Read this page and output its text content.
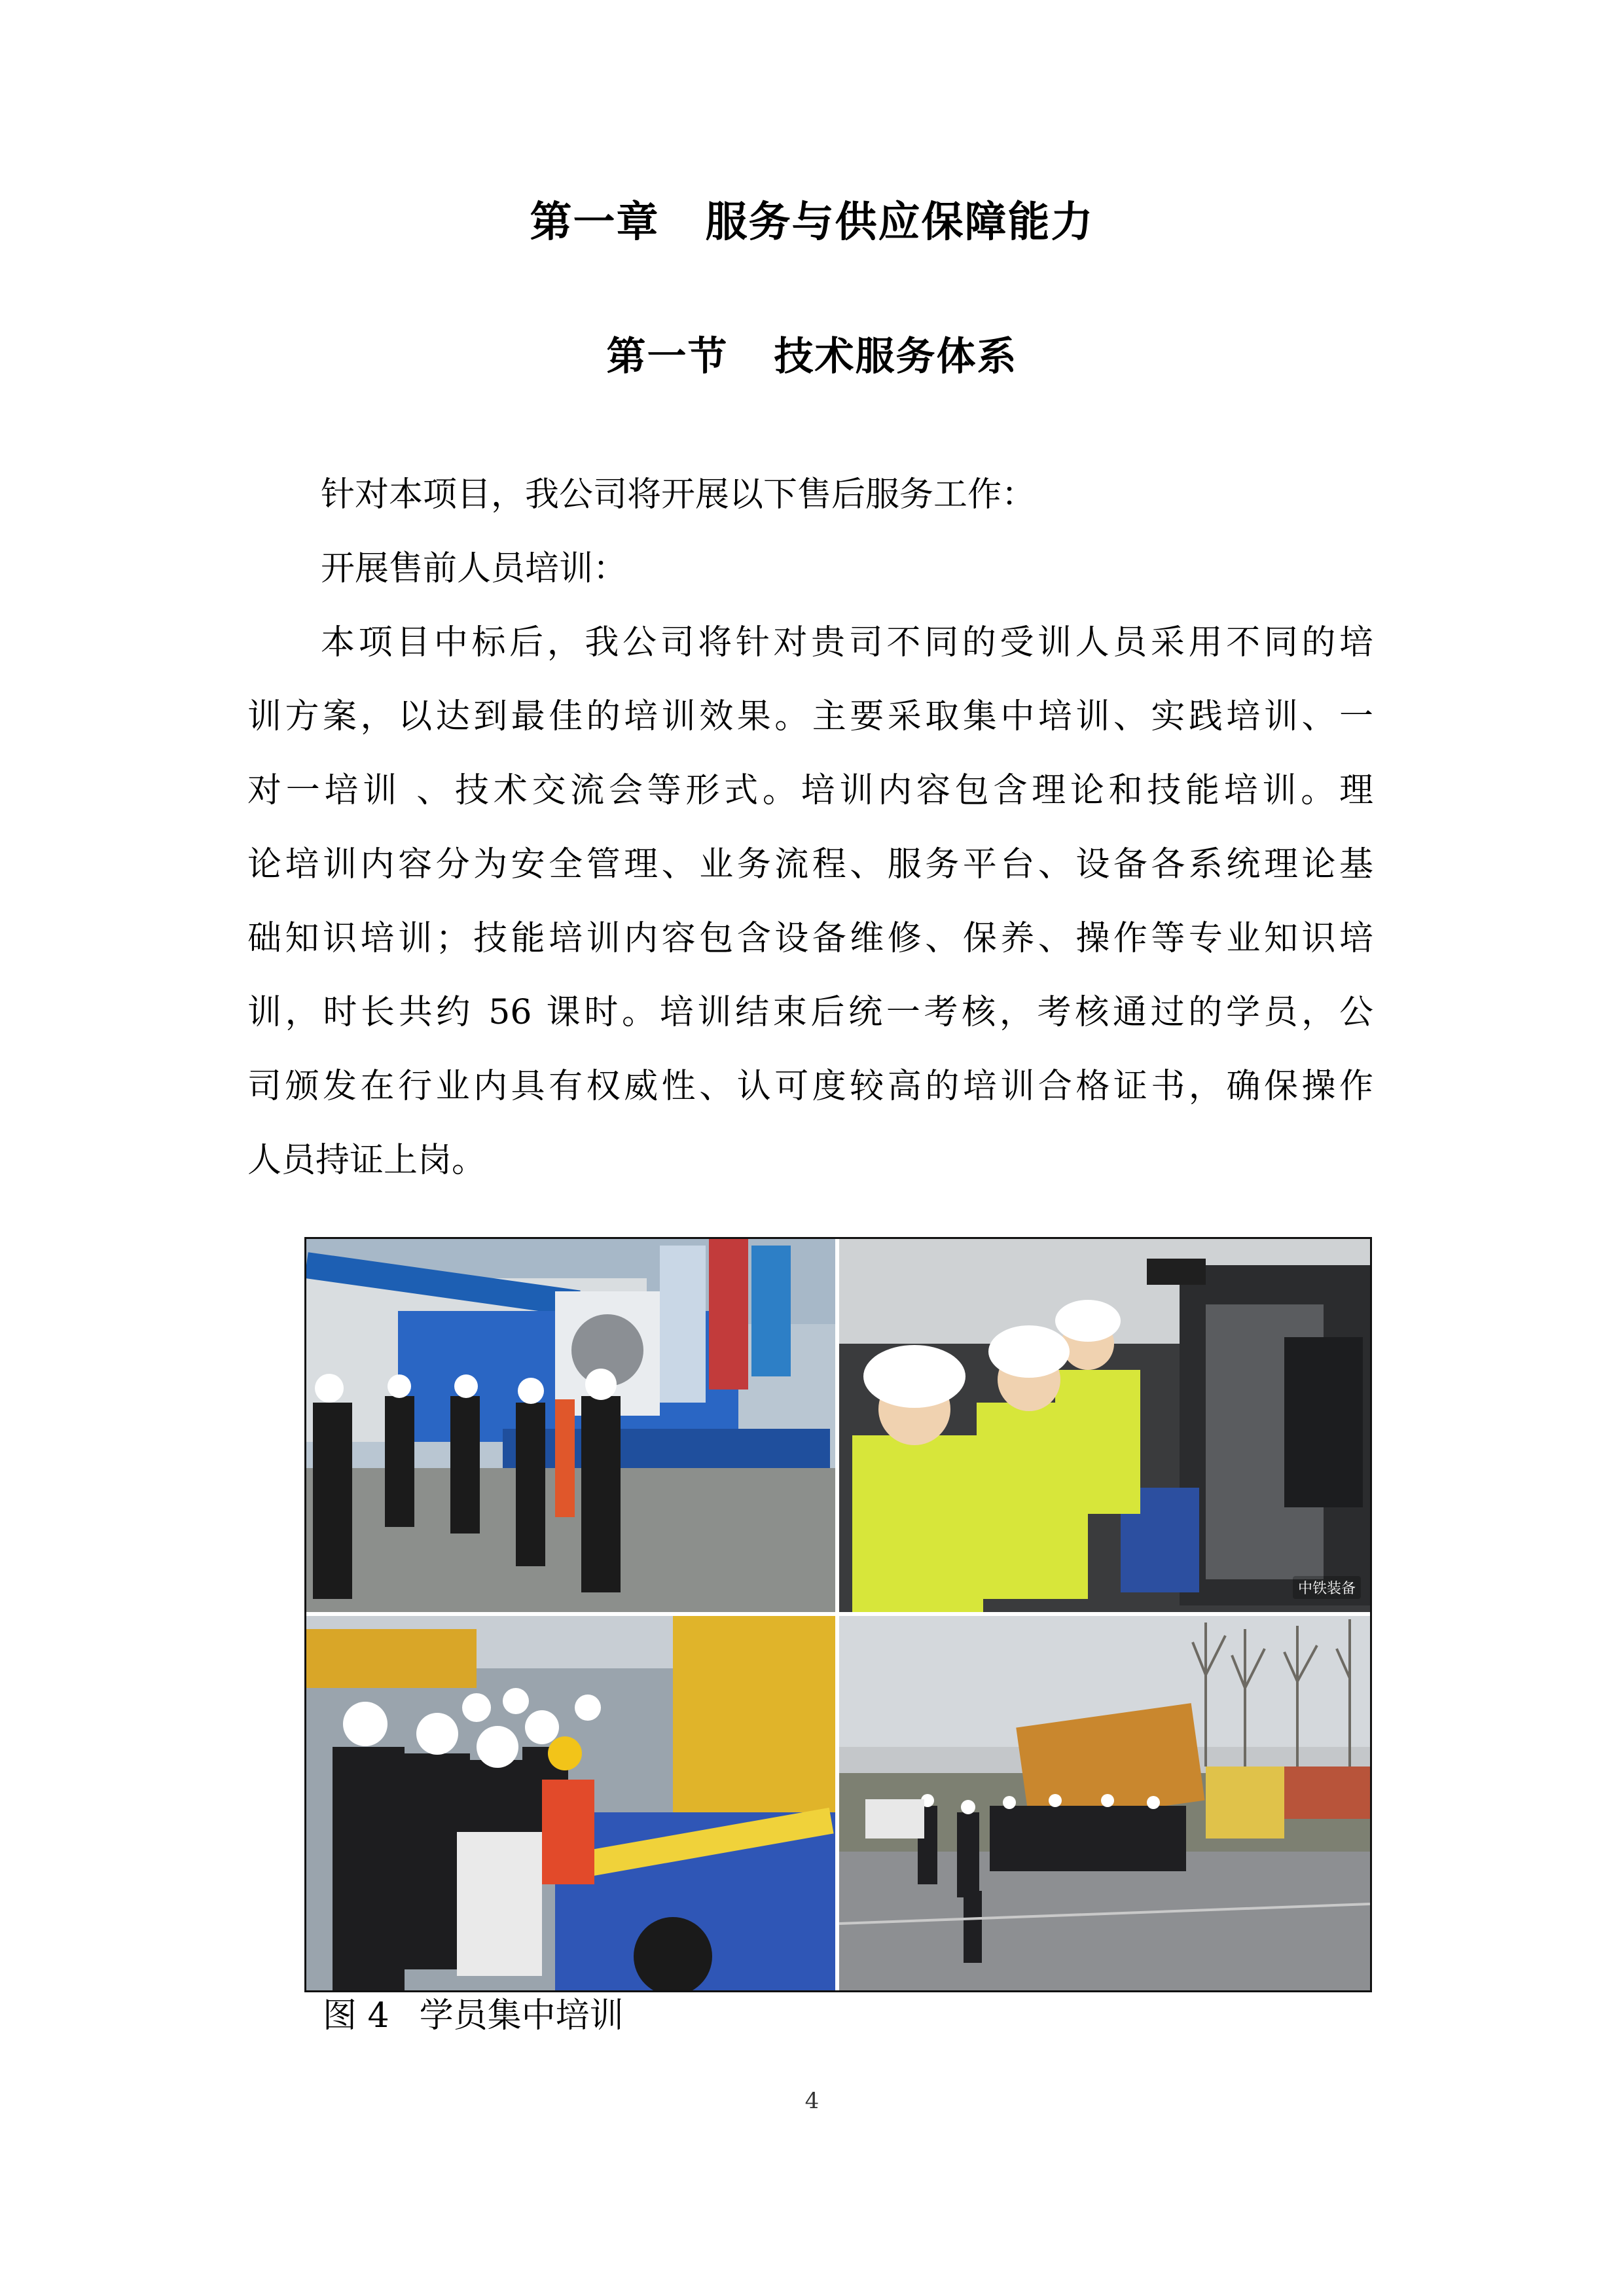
第一章 服务与供应保障能力
第一节 技术服务体系

针对本项目，我公司将开展以下售后服务工作：

开展售前人员培训：

本项目中标后，我公司将针对贵司不同的受训人员采用不同的培
训方案，以达到最佳的培训效果。主要采取集中培训、实践培训、一
对一培训 、技术交流会等形式。培训内容包含理论和技能培训。理
论培训内容分为安全管理、业务流程、服务平台、设备各系统理论基
础知识培训；技能培训内容包含设备维修、保养、操作等专业知识培
训，时长共约 56 课时。培训结束后统一考核，考核通过的学员，公
司颁发在行业内具有权威性、认可度较高的培训合格证书，确保操作
人员持证上岗。
中铁装备
图 4 学员集中培训
4
